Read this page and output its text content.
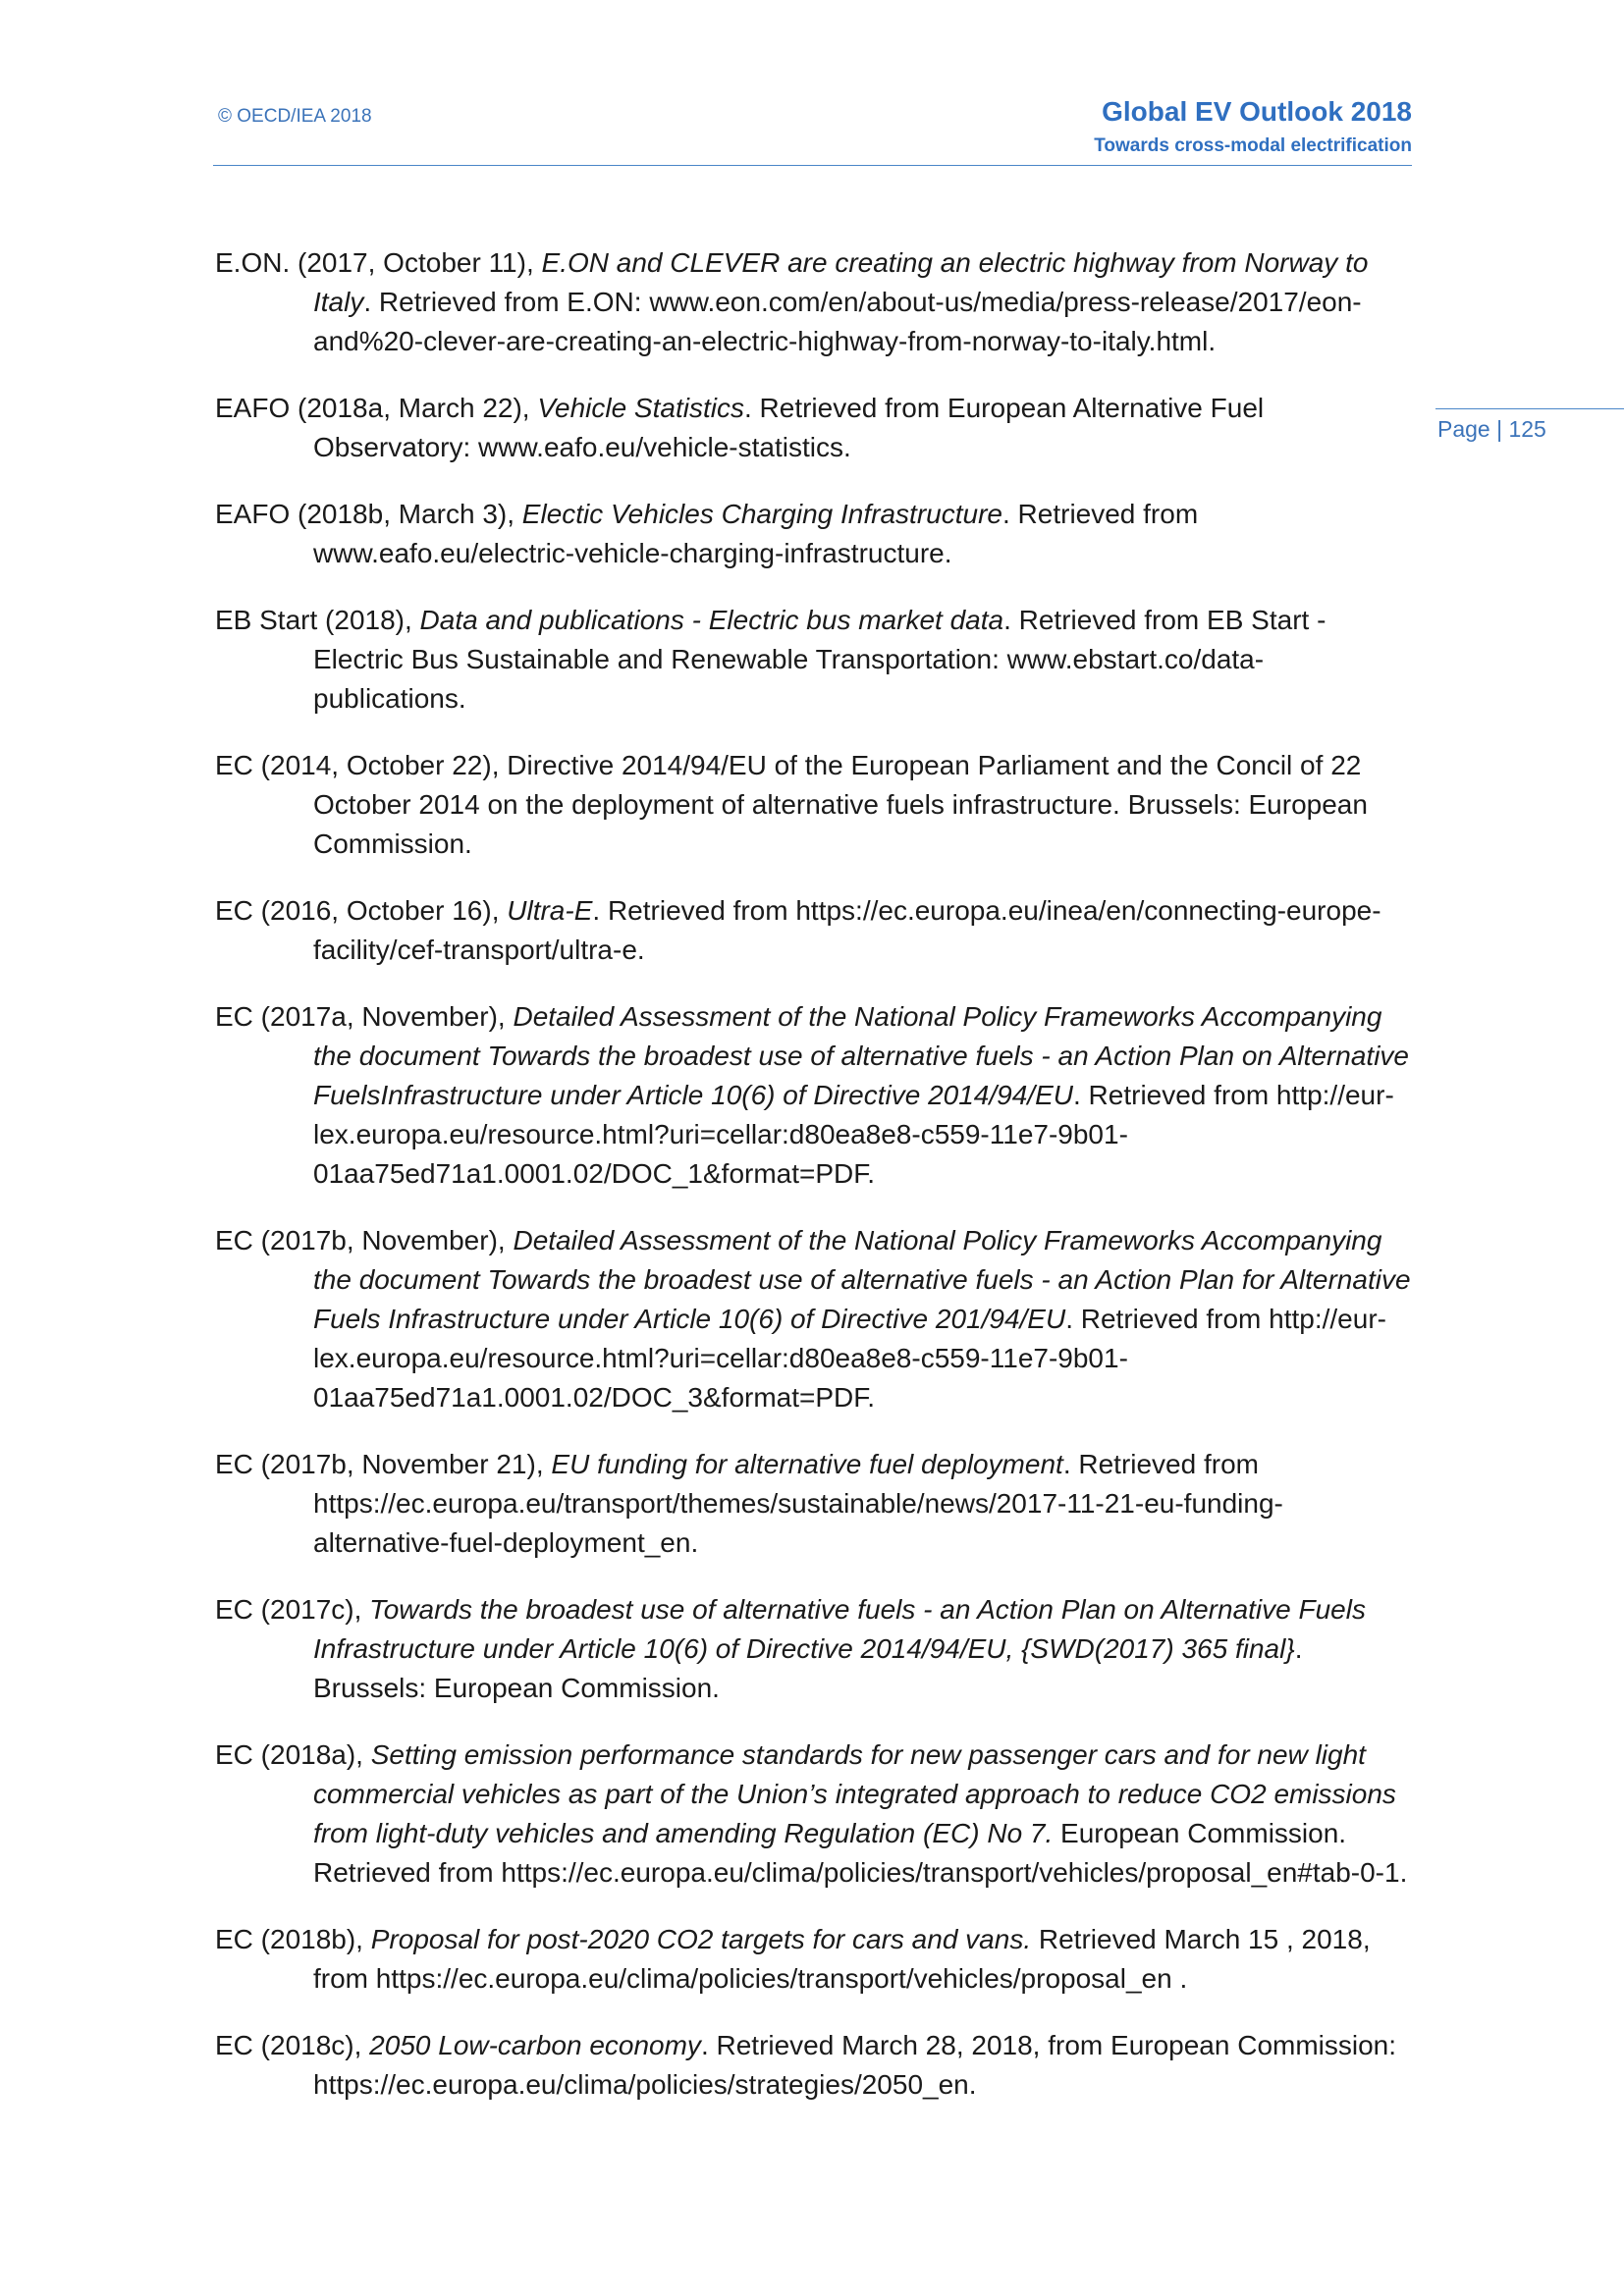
© OECD/IEA 2018	Global EV Outlook 2018
Towards cross-modal electrification
Page | 125

E.ON. (2017, October 11), E.ON and CLEVER are creating an electric highway from Norway to Italy. Retrieved from E.ON: www.eon.com/en/about-us/media/press-release/2017/eon-and%20-clever-are-creating-an-electric-highway-from-norway-to-italy.html.

EAFO (2018a, March 22), Vehicle Statistics. Retrieved from European Alternative Fuel Observatory: www.eafo.eu/vehicle-statistics.

EAFO (2018b, March 3), Electic Vehicles Charging Infrastructure. Retrieved from www.eafo.eu/electric-vehicle-charging-infrastructure.

EB Start (2018), Data and publications - Electric bus market data. Retrieved from EB Start - Electric Bus Sustainable and Renewable Transportation: www.ebstart.co/data-publications.

EC (2014, October 22), Directive 2014/94/EU of the European Parliament and the Concil of 22 October 2014 on the deployment of alternative fuels infrastructure. Brussels: European Commission.

EC (2016, October 16), Ultra-E. Retrieved from https://ec.europa.eu/inea/en/connecting-europe-facility/cef-transport/ultra-e.

EC (2017a, November), Detailed Assessment of the National Policy Frameworks Accompanying the document Towards the broadest use of alternative fuels - an Action Plan on Alternative FuelsInfrastructure under Article 10(6) of Directive 2014/94/EU. Retrieved from http://eur-lex.europa.eu/resource.html?uri=cellar:d80ea8e8-c559-11e7-9b01-01aa75ed71a1.0001.02/DOC_1&format=PDF.

EC (2017b, November), Detailed Assessment of the National Policy Frameworks Accompanying the document Towards the broadest use of alternative fuels - an Action Plan for Alternative Fuels Infrastructure under Article 10(6) of Directive 201/94/EU. Retrieved from http://eur-lex.europa.eu/resource.html?uri=cellar:d80ea8e8-c559-11e7-9b01-01aa75ed71a1.0001.02/DOC_3&format=PDF.

EC (2017b, November 21), EU funding for alternative fuel deployment. Retrieved from https://ec.europa.eu/transport/themes/sustainable/news/2017-11-21-eu-funding-alternative-fuel-deployment_en.

EC (2017c), Towards the broadest use of alternative fuels - an Action Plan on Alternative Fuels Infrastructure under Article 10(6) of Directive 2014/94/EU, {SWD(2017) 365 final}. Brussels: European Commission.

EC (2018a), Setting emission performance standards for new passenger cars and for new light commercial vehicles as part of the Union’s integrated approach to reduce CO2 emissions from light-duty vehicles and amending Regulation (EC) No 7. European Commission. Retrieved from https://ec.europa.eu/clima/policies/transport/vehicles/proposal_en#tab-0-1.

EC (2018b), Proposal for post-2020 CO2 targets for cars and vans. Retrieved March 15 , 2018, from https://ec.europa.eu/clima/policies/transport/vehicles/proposal_en .

EC (2018c), 2050 Low-carbon economy. Retrieved March 28, 2018, from European Commission: https://ec.europa.eu/clima/policies/strategies/2050_en.
